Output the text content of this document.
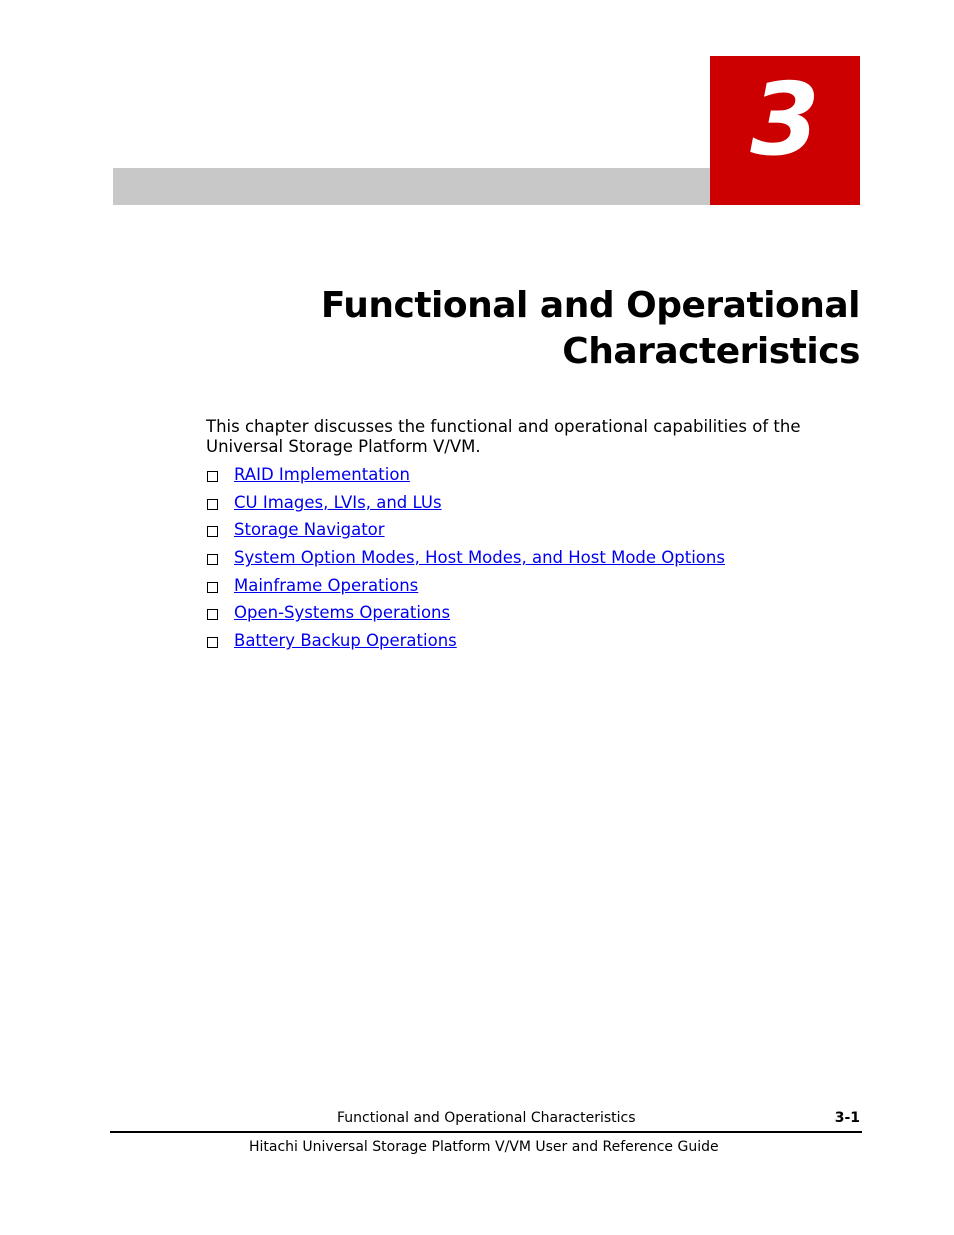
3
Functional and Operational
Characteristics

This chapter discusses the functional and operational capabilities of the Universal Storage Platform V/VM.

RAID Implementation
CU Images, LVIs, and LUs
Storage Navigator
System Option Modes, Host Modes, and Host Mode Options
Mainframe Operations
Open-Systems Operations
Battery Backup Operations
Functional and Operational Characteristics	3-1
Hitachi Universal Storage Platform V/VM User and Reference Guide
